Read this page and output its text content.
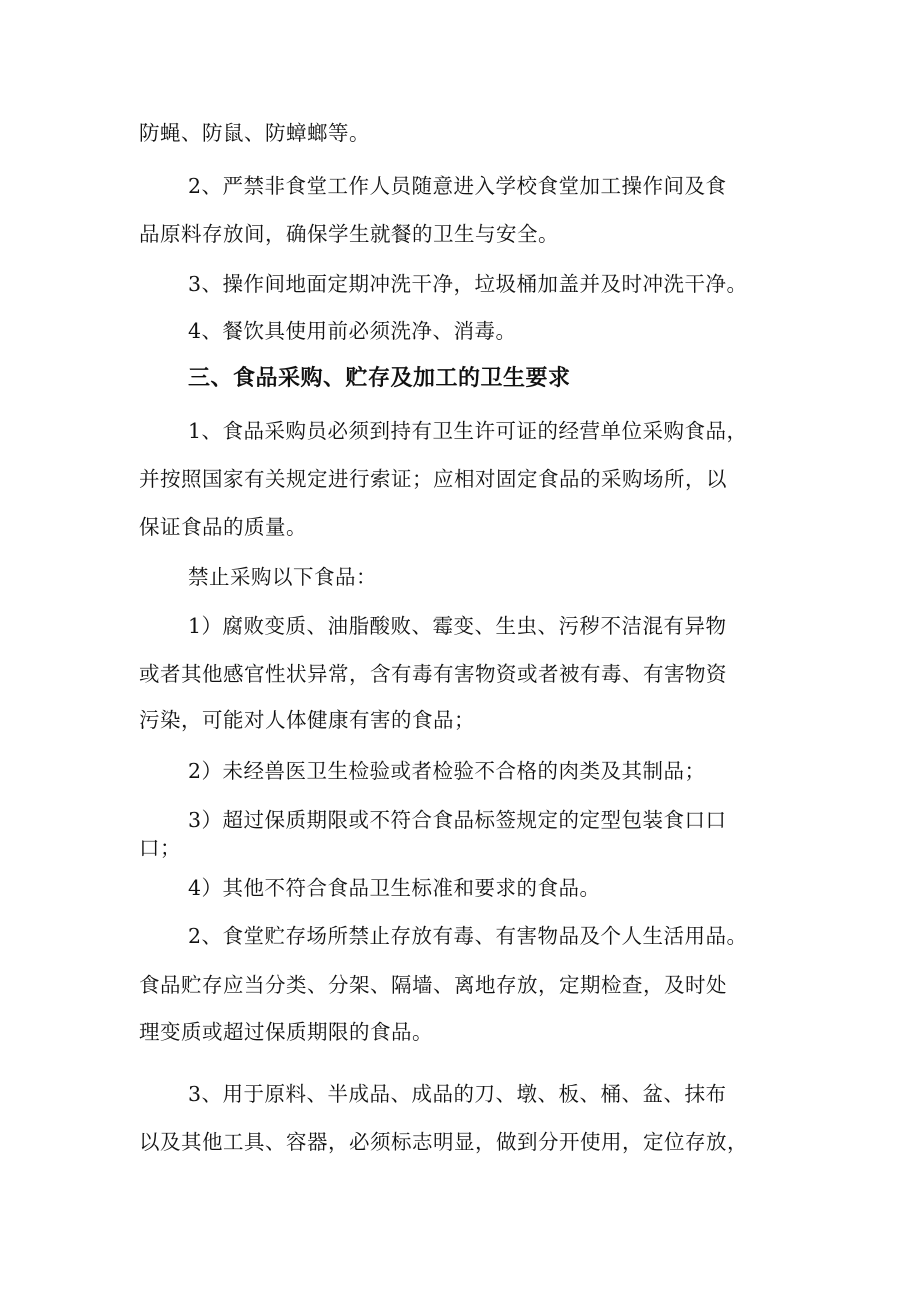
防蝇、防鼠、防蟑螂等。
2、严禁非食堂工作人员随意进入学校食堂加工操作间及食
品原料存放间，确保学生就餐的卫生与安全。
3、操作间地面定期冲洗干净，垃圾桶加盖并及时冲洗干净。
4、餐饮具使用前必须洗净、消毒。
三、食品采购、贮存及加工的卫生要求
1、食品采购员必须到持有卫生许可证的经营单位采购食品，
并按照国家有关规定进行索证；应相对固定食品的采购场所，以
保证食品的质量。
禁止采购以下食品：
1）腐败变质、油脂酸败、霉变、生虫、污秽不洁混有异物
或者其他感官性状异常，含有毒有害物资或者被有毒、有害物资
污染，可能对人体健康有害的食品；
2）未经兽医卫生检验或者检验不合格的肉类及其制品；
3）超过保质期限或不符合食品标签规定的定型包装食口口
口；
4）其他不符合食品卫生标准和要求的食品。
2、食堂贮存场所禁止存放有毒、有害物品及个人生活用品。
食品贮存应当分类、分架、隔墙、离地存放，定期检查，及时处
理变质或超过保质期限的食品。
3、用于原料、半成品、成品的刀、墩、板、桶、盆、抹布
以及其他工具、容器，必须标志明显，做到分开使用，定位存放，
